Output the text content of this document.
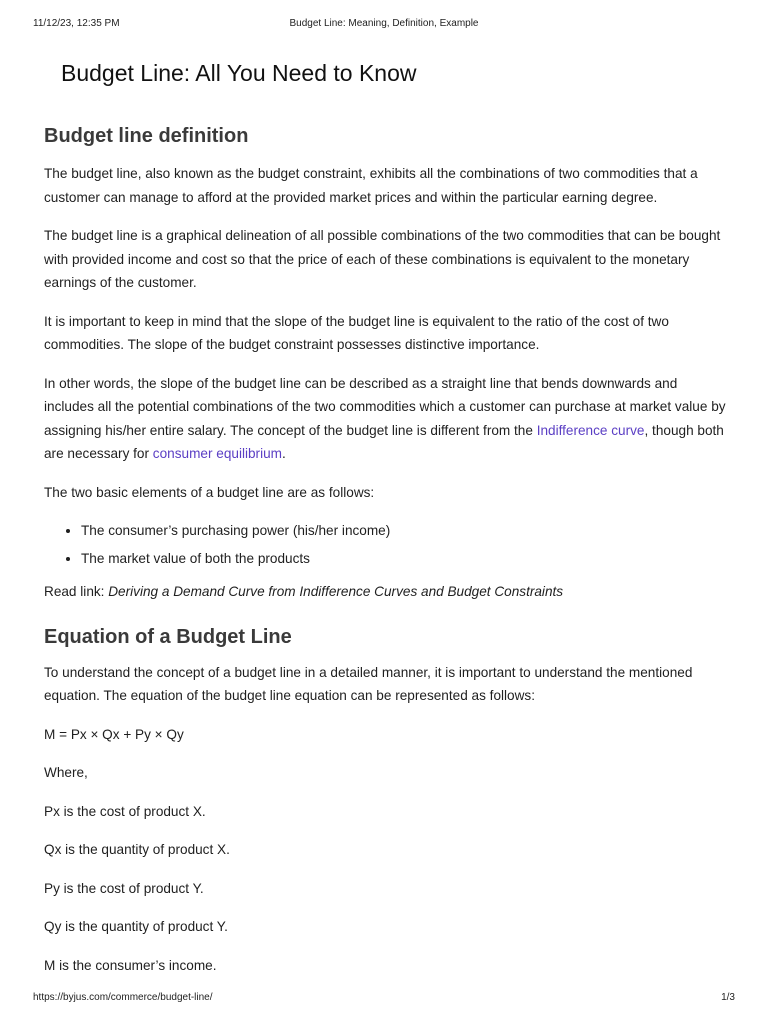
11/12/23, 12:35 PM	Budget Line: Meaning, Definition, Example
Budget Line: All You Need to Know
Budget line definition

The budget line, also known as the budget constraint, exhibits all the combinations of two commodities that a customer can manage to afford at the provided market prices and within the particular earning degree.

The budget line is a graphical delineation of all possible combinations of the two commodities that can be bought with provided income and cost so that the price of each of these combinations is equivalent to the monetary earnings of the customer.

It is important to keep in mind that the slope of the budget line is equivalent to the ratio of the cost of two commodities. The slope of the budget constraint possesses distinctive importance.

In other words, the slope of the budget line can be described as a straight line that bends downwards and includes all the potential combinations of the two commodities which a customer can purchase at market value by assigning his/her entire salary. The concept of the budget line is different from the Indifference curve, though both are necessary for consumer equilibrium.

The two basic elements of a budget line are as follows:

• The consumer’s purchasing power (his/her income)
• The market value of both the products

Read link: Deriving a Demand Curve from Indifference Curves and Budget Constraints

Equation of a Budget Line

To understand the concept of a budget line in a detailed manner, it is important to understand the mentioned equation. The equation of the budget line equation can be represented as follows:

M = Px × Qx + Py × Qy

Where,

Px is the cost of product X.

Qx is the quantity of product X.

Py is the cost of product Y.

Qy is the quantity of product Y.

M is the consumer’s income.

https://byjus.com/commerce/budget-line/	1/3
